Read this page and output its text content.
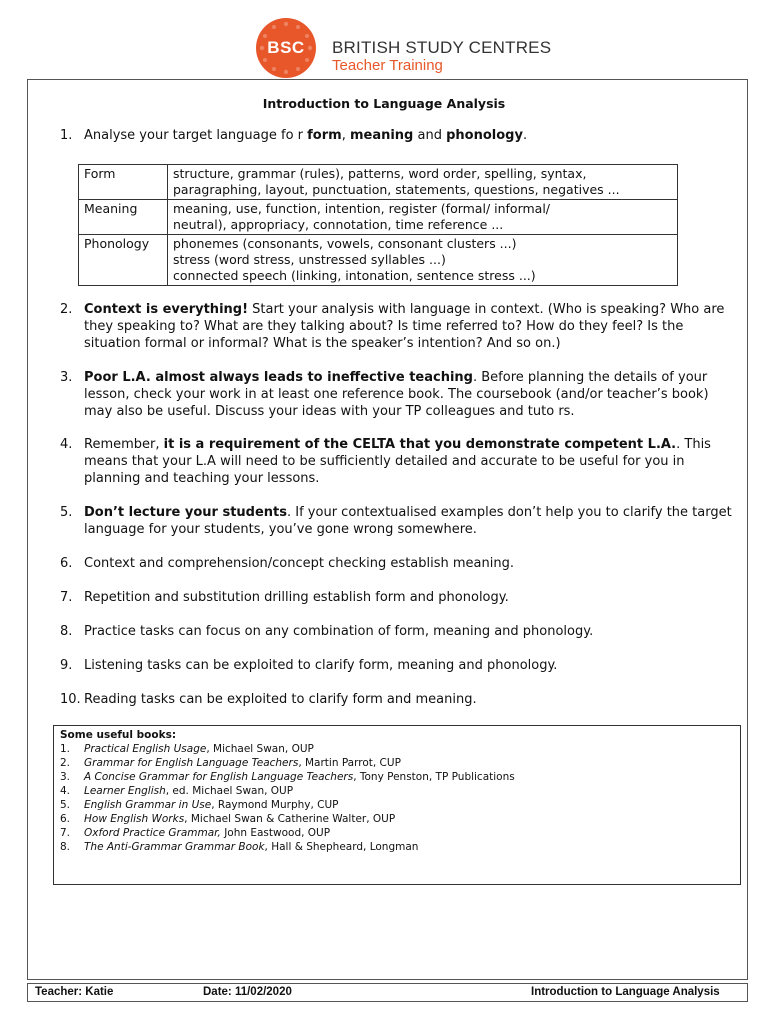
BSC	BRITISH STUDY CENTRES
Teacher Training
Introduction to Language Analysis
1. Analyse your target language fo r form, meaning and phonology.
2. Context is everything! Start your analysis with language in context. (Who is speaking? Who are they speaking to? What are they talking about? Is time referred to? How do they feel? Is the situation formal or informal? What is the speaker’s intention? And so on.)
3. Poor L.A. almost always leads to ineffective teaching. Before planning the details of your lesson, check your work in at least one reference book. The coursebook (and/or teacher’s book) may also be useful. Discuss your ideas with your TP colleagues and tuto rs.
4. Remember, it is a requirement of the CELTA that you demonstrate competent L.A.. This means that your L.A will need to be sufficiently detailed and accurate to be useful for you in planning and teaching your lessons.
5. Don’t lecture your students. If your contextualised examples don’t help you to clarify the target language for your students, you’ve gone wrong somewhere.
6. Context and comprehension/concept checking establish meaning.
7. Repetition and substitution drilling establish form and phonology.
8. Practice tasks can focus on any combination of form, meaning and phonology.
9. Listening tasks can be exploited to clarify form, meaning and phonology.
10. Reading tasks can be exploited to clarify form and meaning.
Form	structure, grammar (rules), patterns, word order, spelling, syntax,
paragraphing, layout, punctuation, statements, questions, negatives ...

Meaning	meaning, use, function, intention, register (formal/ informal/
neutral), appropriacy, connotation, time reference ...

Phonology	phonemes (consonants, vowels, consonant clusters ...)
stress (word stress, unstressed syllables ...)
connected speech (linking, intonation, sentence stress ...)
Some useful books:
1. Practical English Usage, Michael Swan, OUP
2. Grammar for English Language Teachers, Martin Parrot, CUP
3. A Concise Grammar for English Language Teachers, Tony Penston, TP Publications
4. Learner English, ed. Michael Swan, OUP
5. English Grammar in Use, Raymond Murphy, CUP
6. How English Works, Michael Swan & Catherine Walter, OUP
7. Oxford Practice Grammar, John Eastwood, OUP
8. The Anti-Grammar Grammar Book, Hall & Shepheard, Longman
Teacher: Katie	Date: 11/02/2020	Introduction to Language Analysis
